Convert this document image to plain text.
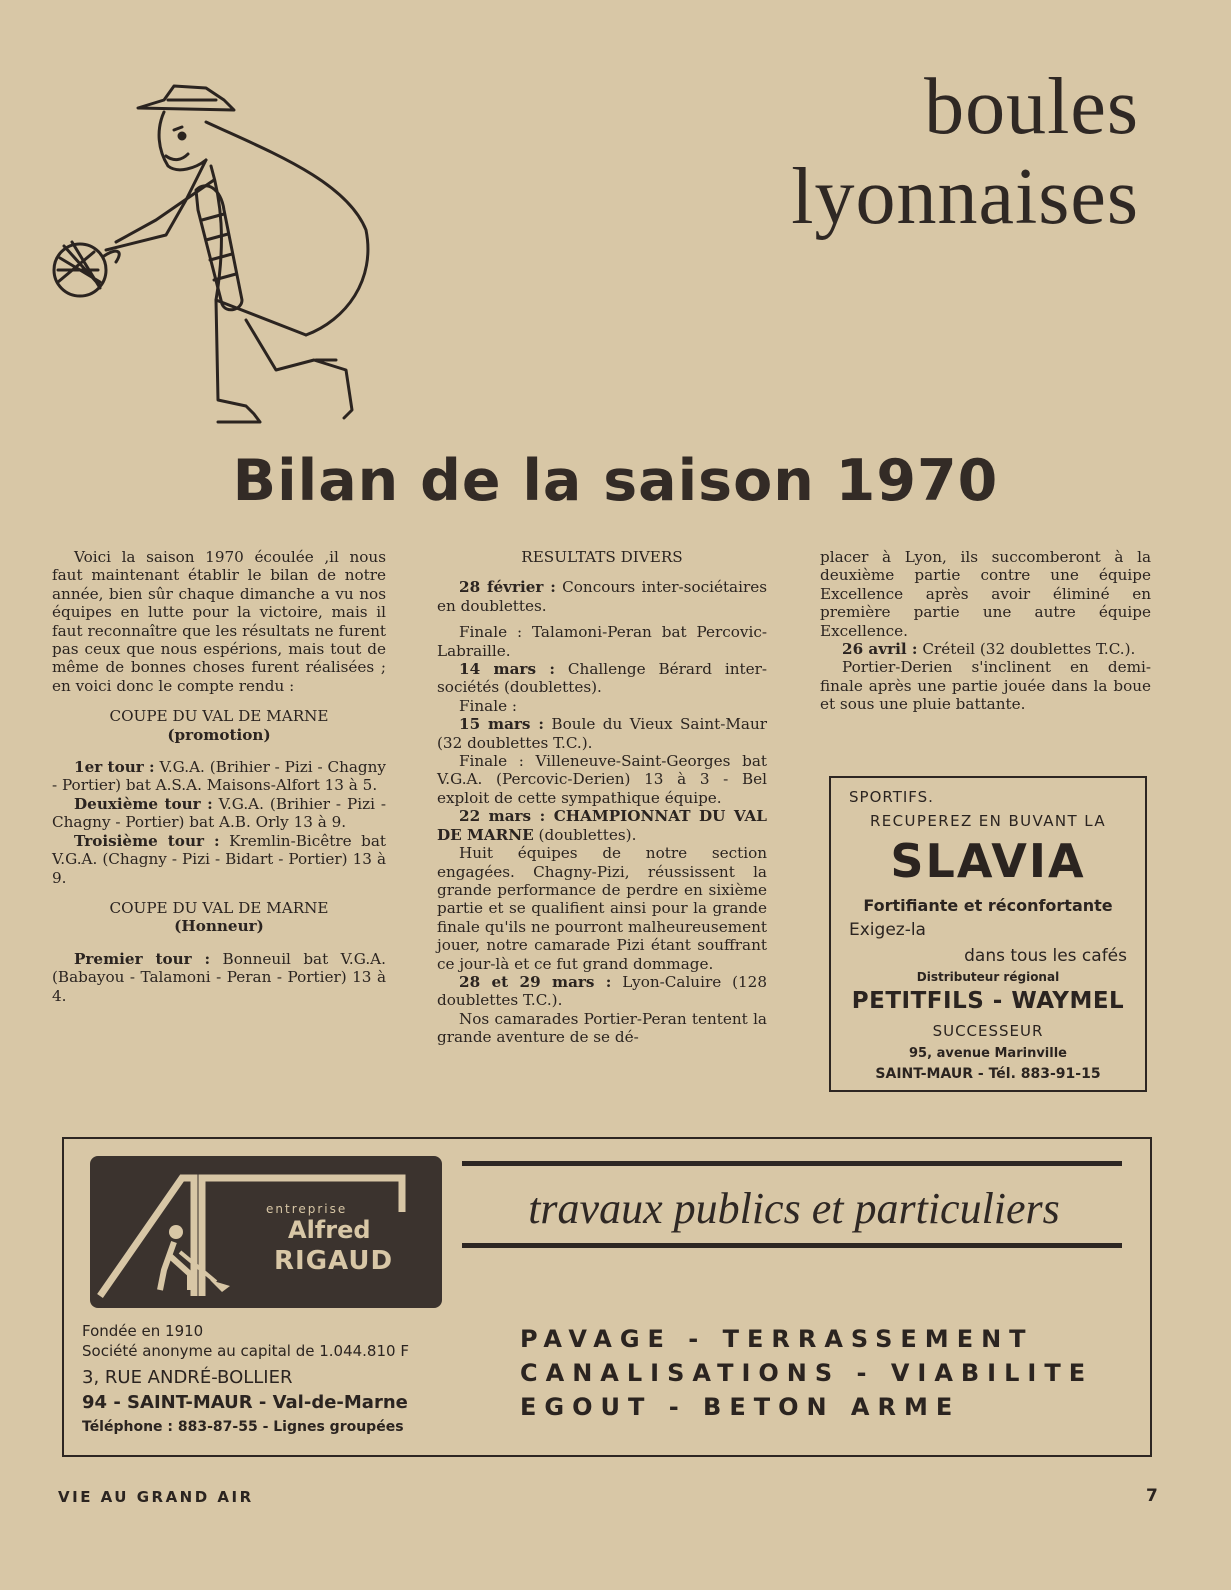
boules
lyonnaises
Bilan de la saison 1970

Voici la saison 1970 écoulée ,il nous faut maintenant établir le bilan de notre année, bien sûr chaque dimanche a vu nos équipes en lutte pour la victoire, mais il faut reconnaître que les résultats ne furent pas ceux que nous espérions, mais tout de même de bonnes choses furent réalisées ; en voici donc le compte rendu :

COUPE DU VAL DE MARNE
(promotion)

1er tour : V.G.A. (Brihier - Pizi - Chagny - Portier) bat A.S.A. Maisons-Alfort 13 à 5.

Deuxième tour : V.G.A. (Brihier - Pizi - Chagny - Portier) bat A.B. Orly 13 à 9.

Troisième tour : Kremlin-Bicêtre bat V.G.A. (Chagny - Pizi - Bidart - Portier) 13 à 9.

COUPE DU VAL DE MARNE
(Honneur)

Premier tour : Bonneuil bat V.G.A. (Babayou - Talamoni - Peran - Portier) 13 à 4.

RESULTATS DIVERS

28 février : Concours inter-sociétaires en doublettes.

Finale : Talamoni-Peran bat Percovic-Labraille.

14 mars : Challenge Bérard inter-sociétés (doublettes).

Finale :

15 mars : Boule du Vieux Saint-Maur (32 doublettes T.C.).

Finale : Villeneuve-Saint-Georges bat V.G.A. (Percovic-Derien) 13 à 3 - Bel exploit de cette sympathique équipe.

22 mars : CHAMPIONNAT DU VAL DE MARNE (doublettes).

Huit équipes de notre section engagées. Chagny-Pizi, réussissent la grande performance de perdre en sixième partie et se qualifient ainsi pour la grande finale qu'ils ne pourront malheureusement jouer, notre camarade Pizi étant souffrant ce jour-là et ce fut grand dommage.

28 et 29 mars : Lyon-Caluire (128 doublettes T.C.).

Nos camarades Portier-Peran tentent la grande aventure de se dé-

placer à Lyon, ils succomberont à la deuxième partie contre une équipe Excellence après avoir éliminé en première partie une autre équipe Excellence.

26 avril : Créteil (32 doublettes T.C.).

Portier-Derien s'inclinent en demi-finale après une partie jouée dans la boue et sous une pluie battante.

SPORTIFS.
RECUPEREZ EN BUVANT LA
SLAVIA
Fortifiante et réconfortante
Exigez-la
dans tous les cafés
Distributeur régional
PETITFILS - WAYMEL
SUCCESSEUR
95, avenue Marinville
SAINT-MAUR - Tél. 883-91-15
entreprise
Alfred
RIGAUD
travaux publics et particuliers
Fondée en 1910
Société anonyme au capital de 1.044.810 F
3, RUE ANDRÉ-BOLLIER
94 - SAINT-MAUR - Val-de-Marne
Téléphone : 883-87-55 - Lignes groupées
PAVAGE - TERRASSEMENT
CANALISATIONS - VIABILITE
EGOUT - BETON ARME
VIE AU GRAND AIR	7
